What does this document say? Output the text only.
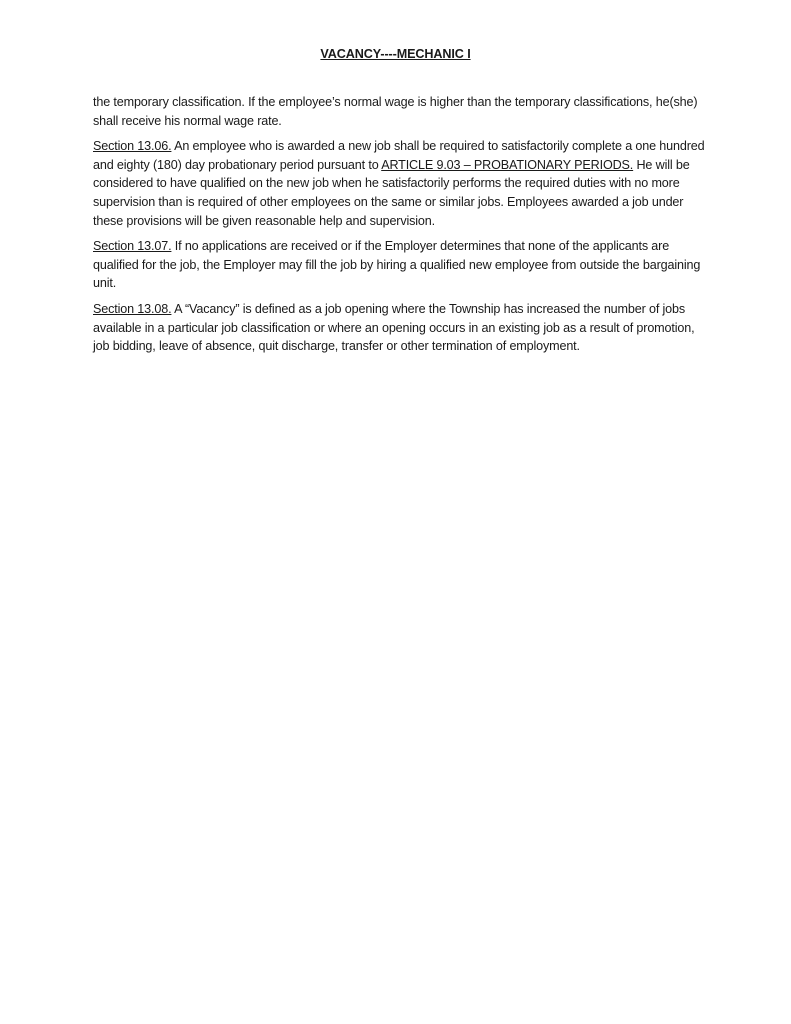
VACANCY----MECHANIC I

the temporary classification. If the employee’s normal wage is higher than the temporary classifications, he(she) shall receive his normal wage rate.

Section 13.06. An employee who is awarded a new job shall be required to satisfactorily complete a one hundred and eighty (180) day probationary period pursuant to ARTICLE 9.03 – PROBATIONARY PERIODS. He will be considered to have qualified on the new job when he satisfactorily performs the required duties with no more supervision than is required of other employees on the same or similar jobs. Employees awarded a job under these provisions will be given reasonable help and supervision.

Section 13.07. If no applications are received or if the Employer determines that none of the applicants are qualified for the job, the Employer may fill the job by hiring a qualified new employee from outside the bargaining unit.

Section 13.08. A “Vacancy” is defined as a job opening where the Township has increased the number of jobs available in a particular job classification or where an opening occurs in an existing job as a result of promotion, job bidding, leave of absence, quit discharge, transfer or other termination of employment.
